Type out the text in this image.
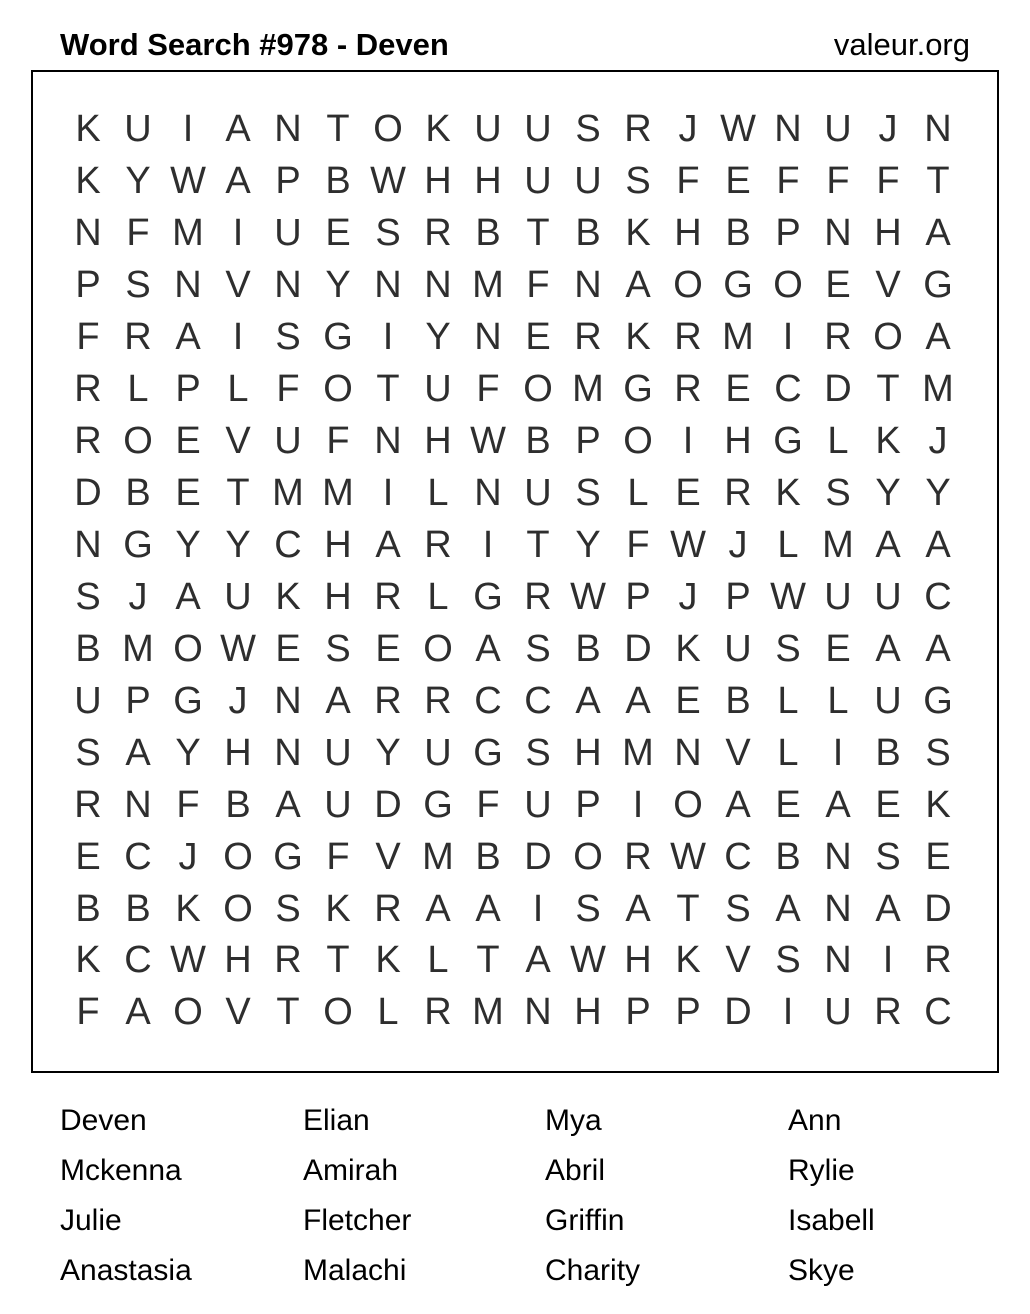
Word Search #978 - Deven	valeur.org
K U I A N T O K U U S R J W N U J N
K Y W A P B W H H U U S F E F F F T
N F M I U E S R B T B K H B P N H A
P S N V N Y N N M F N A O G O E V G
F R A I S G I Y N E R K R M I R O A
R L P L F O T U F O M G R E C D T M
R O E V U F N H W B P O I H G L K J
D B E T M M I L N U S L E R K S Y Y
N G Y Y C H A R I T Y F W J L M A A
S J A U K H R L G R W P J P W U U C
B M O W E S E O A S B D K U S E A A
U P G J N A R R C C A A E B L L U G
S A Y H N U Y U G S H M N V L I B S
R N F B A U D G F U P I O A E A E K
E C J O G F V M B D O R W C B N S E
B B K O S K R A A I S A T S A N A D
K C W H R T K L T A W H K V S N I R
F A O V T O L R M N H P P D I U R C
Deven
Mckenna
Julie
Anastasia
Elian
Amirah
Fletcher
Malachi
Mya
Abril
Griffin
Charity
Ann
Rylie
Isabell
Skye
